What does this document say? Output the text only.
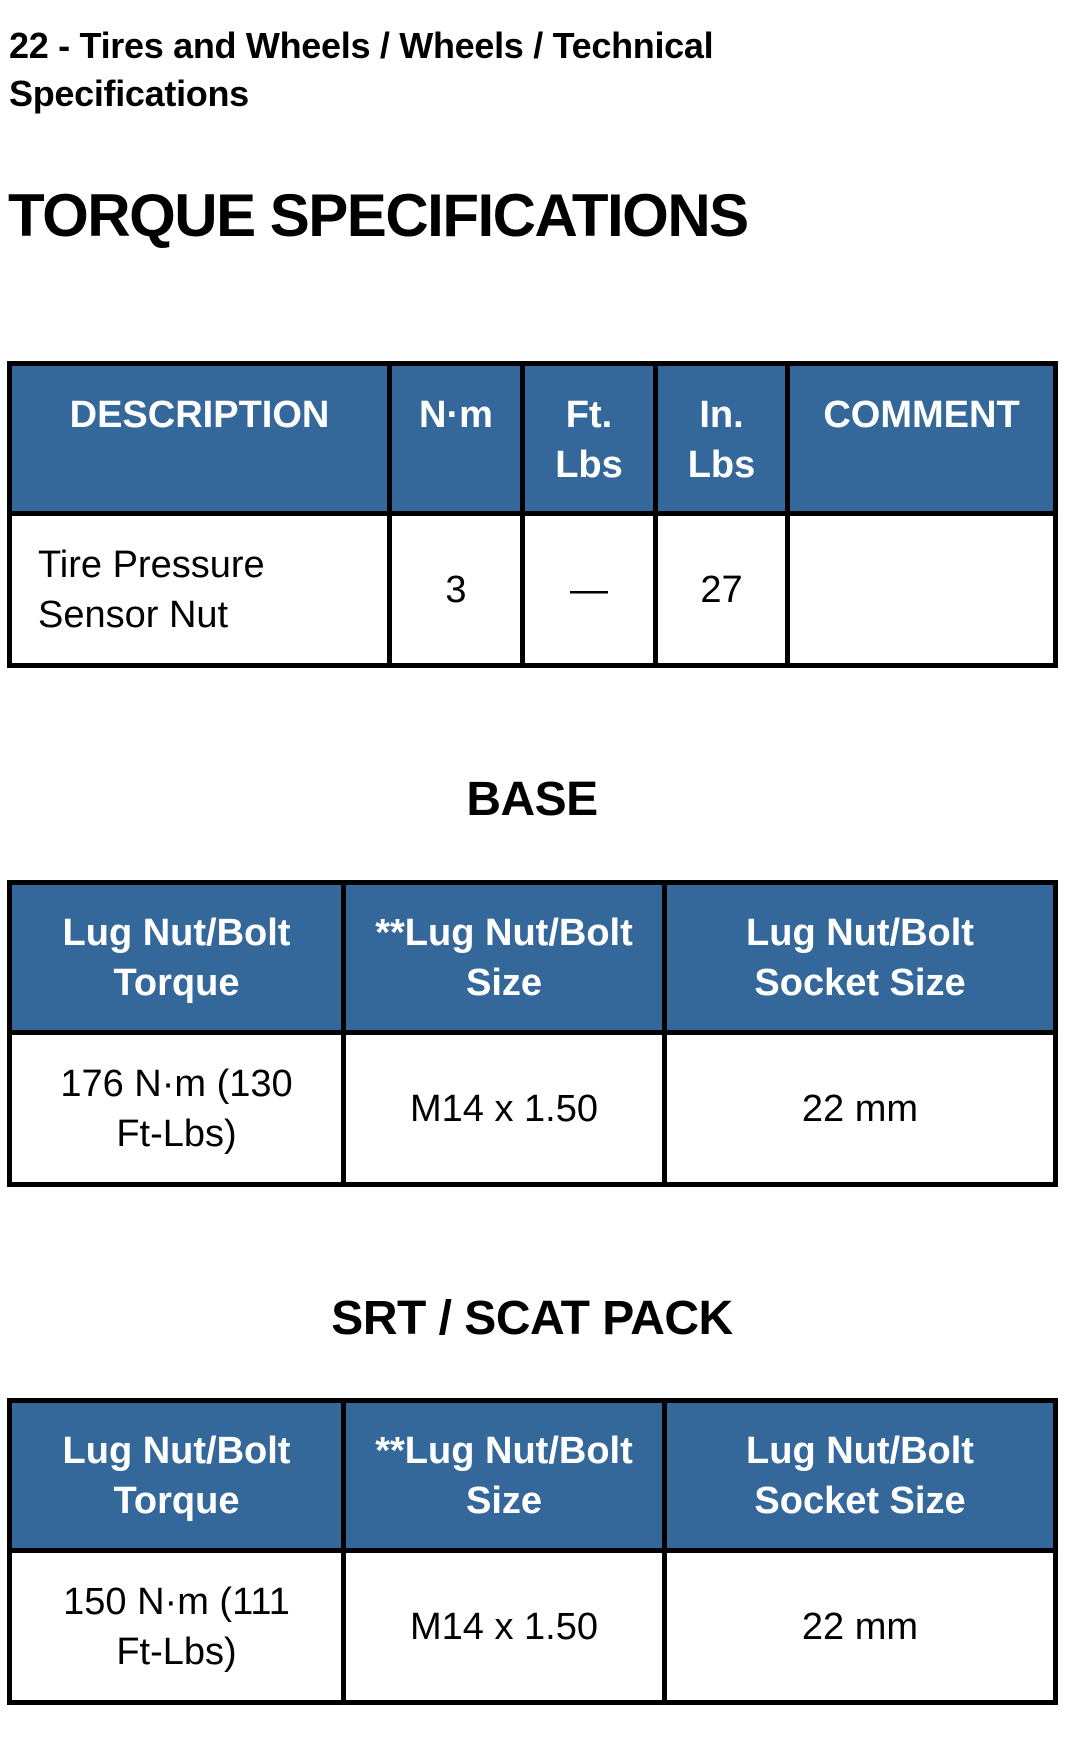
22 - Tires and Wheels / Wheels / Technical Specifications
TORQUE SPECIFICATIONS
DESCRIPTION	N·m	Ft. Lbs	In. Lbs	COMMENT

Tire Pressure Sensor Nut	3	—	27	
BASE
Lug Nut/Bolt Torque	**Lug Nut/Bolt Size	Lug Nut/Bolt Socket Size
176 N·m (130 Ft-Lbs)	M14 x 1.50	22 mm
SRT / SCAT PACK
Lug Nut/Bolt Torque	**Lug Nut/Bolt Size	Lug Nut/Bolt Socket Size
150 N·m (111 Ft-Lbs)	M14 x 1.50	22 mm
